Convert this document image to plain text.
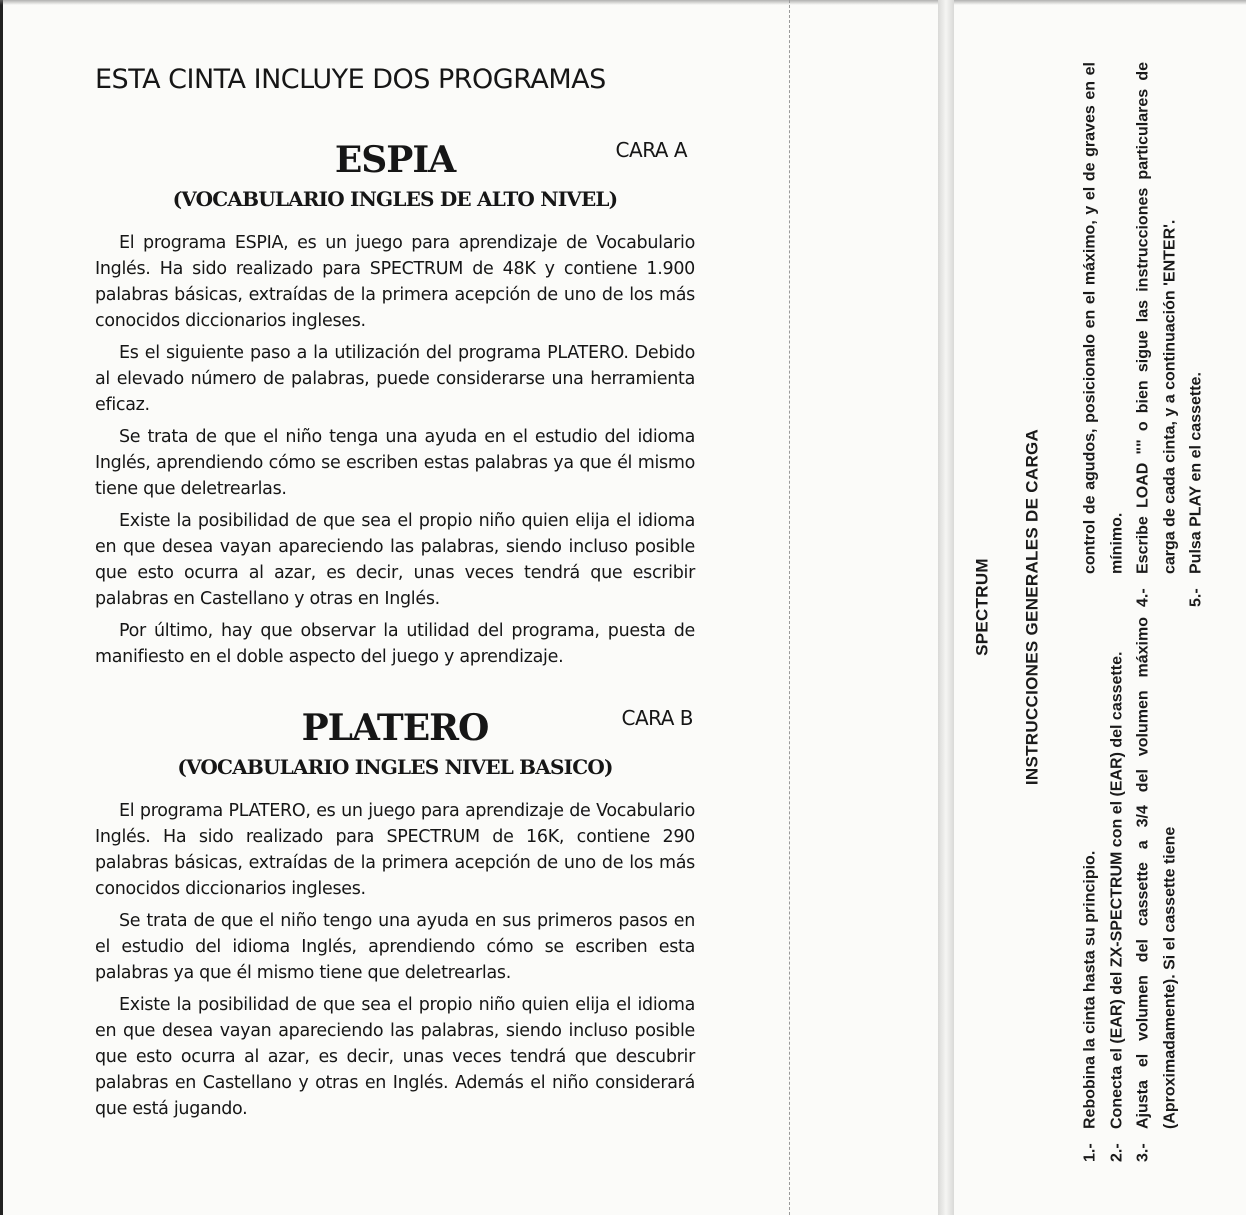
ESTA CINTA INCLUYE DOS PROGRAMAS
ESPIA	CARA A
(VOCABULARIO INGLES DE ALTO NIVEL)

El programa ESPIA, es un juego para aprendizaje de Vocabulario Inglés. Ha sido realizado para SPECTRUM de 48K y contiene 1.900 palabras básicas, extraídas de la primera acepción de uno de los más conocidos diccionarios ingleses.

Es el siguiente paso a la utilización del programa PLATERO. Debido al elevado número de palabras, puede considerarse una herramienta eficaz.

Se trata de que el niño tenga una ayuda en el estudio del idioma Inglés, aprendiendo cómo se escriben estas palabras ya que él mismo tiene que deletrearlas.

Existe la posibilidad de que sea el propio niño quien elija el idioma en que desea vayan apareciendo las palabras, siendo incluso posible que esto ocurra al azar, es decir, unas veces tendrá que escribir palabras en Castellano y otras en Inglés.

Por último, hay que observar la utilidad del programa, puesta de manifiesto en el doble aspecto del juego y aprendizaje.

PLATERO	CARA B
(VOCABULARIO INGLES NIVEL BASICO)

El programa PLATERO, es un juego para aprendizaje de Vocabulario Inglés. Ha sido realizado para SPECTRUM de 16K, contiene 290 palabras básicas, extraídas de la primera acepción de uno de los más conocidos diccionarios ingleses.

Se trata de que el niño tengo una ayuda en sus primeros pasos en el estudio del idioma Inglés, aprendiendo cómo se escriben esta palabras ya que él mismo tiene que deletrearlas.

Existe la posibilidad de que sea el propio niño quien elija el idioma en que desea vayan apareciendo las palabras, siendo incluso posible que esto ocurra al azar, es decir, unas veces tendrá que descubrir palabras en Castellano y otras en Inglés. Además el niño considerará que está jugando.

SPECTRUM INSTRUCCIONES GENERALES DE CARGA
1.-
Rebobina la cinta hasta su principio.
2.-
Conecta el (EAR) del ZX-SPECTRUM con el (EAR) del cassette.
3.-
Ajusta el volumen del cassette a 3/4 del volumen máximo (Aproximadamente). Si el cassette tiene
control de agudos, posicionalo en el máximo, y el de graves en el mínimo.
4.-
Escribe LOAD "" o bien sigue las instrucciones particulares de carga de cada cinta, y a continuación 'ENTER'.
5.-
Pulsa PLAY en el cassette.
